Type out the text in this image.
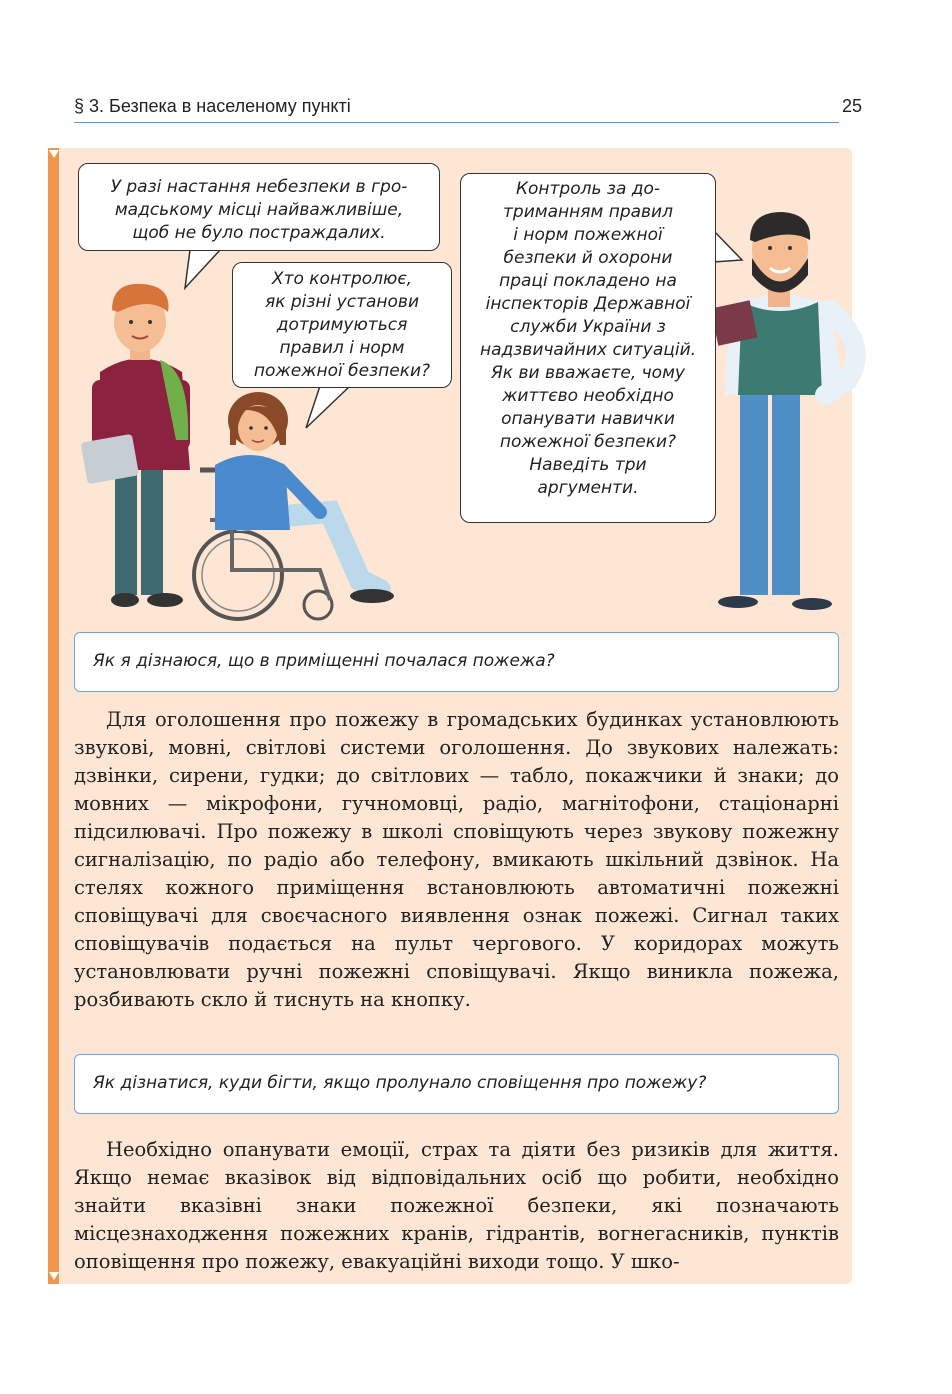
§ 3. Безпека в населеному пункті	25
У разі настання небезпеки в гро-
мадському місці найважливіше,
щоб не було постраждалих.
Хто контролює,
як різні установи
дотримуються
правил і норм
пожежної безпеки?
Контроль за до-
триманням правил
і норм пожежної
безпеки й охорони
праці покладено на
інспекторів Державної
служби України з
надзвичайних ситуацій.
Як ви вважаєте, чому
життєво необхідно
опанувати навички
пожежної безпеки?
Наведіть три
аргументи.
Як я дізнаюся, що в приміщенні почалася пожежа?
Для оголошення про пожежу в громадських будинках установлюють звукові, мовні, світлові системи оголошення. До звукових належать: дзвінки, сирени, гудки; до світлових — табло, покажчики й знаки; до мовних — мікрофони, гучномовці, радіо, магнітофони, стаціонарні підсилювачі. Про пожежу в школі сповіщують через звукову пожежну сигналізацію, по радіо або телефону, вмикають шкільний дзвінок. На стелях кожного приміщення встановлюють автоматичні пожежні сповіщувачі для своєчасного виявлення ознак пожежі. Сигнал таких сповіщувачів подається на пульт чергового. У коридорах можуть установлювати ручні пожежні сповіщувачі. Якщо виникла пожежа, розбивають скло й тиснуть на кнопку.
Як дізнатися, куди бігти, якщо пролунало сповіщення про пожежу?
Необхідно опанувати емоції, страх та діяти без ризиків для життя. Якщо немає вказівок від відповідальних осіб що робити, необхідно знайти вказівні знаки пожежної безпеки, які позначають місцезнаходження пожежних кранів, гідрантів, вогнегасників, пунктів оповіщення про пожежу, евакуаційні виходи тощо. У шко-
